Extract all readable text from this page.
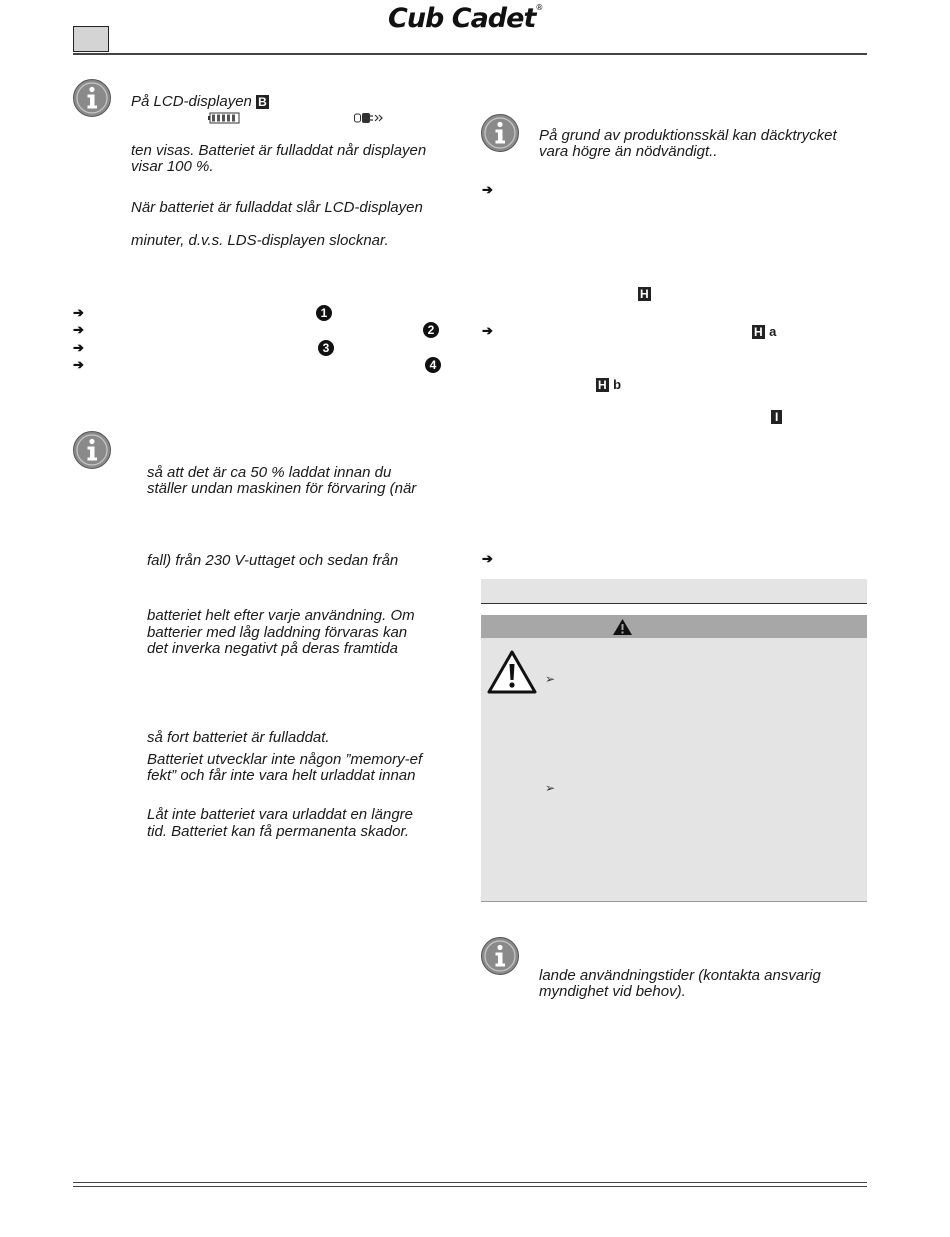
Cub Cadet®
På LCD-displayen B
ten visas. Batteriet är fulladdat når displayen
visar 100 %.
När batteriet är fulladdat slår LCD-displayen
minuter, d.v.s. LDS-displayen slocknar.
➔	1
➔	2
➔	3
➔	4
så att det är ca 50 % laddat innan du
ställer undan maskinen för förvaring (när
fall) från 230 V-uttaget och sedan från
batteriet helt efter varje användning. Om
batterier med låg laddning förvaras kan
det inverka negativt på deras framtida
så fort batteriet är fulladdat.
Batteriet utvecklar inte någon ”memory-ef
fekt” och får inte vara helt urladdat innan
Låt inte batteriet vara urladdat en längre
tid. Batteriet kan få permanenta skador.
På grund av produktionsskäl kan däcktrycket
vara högre än nödvändigt..
➔
H
➔	H a
H b
I
➔
➢
➢
lande användningstider (kontakta ansvarig
myndighet vid behov).
